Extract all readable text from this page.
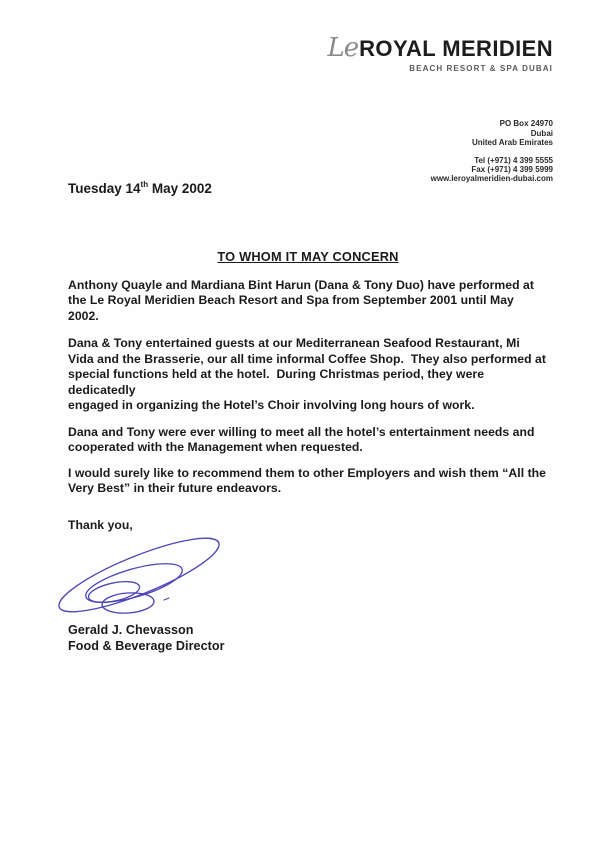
LeROYAL MERIDIEN
BEACH RESORT & SPA DUBAI
PO Box 24970
Dubai
United Arab Emirates
Tel (+971) 4 399 5555
Fax (+971) 4 399 5999
www.leroyalmeridien-dubai.com
Tuesday 14th May 2002
TO WHOM IT MAY CONCERN

Anthony Quayle and Mardiana Bint Harun (Dana & Tony Duo) have performed at
the Le Royal Meridien Beach Resort and Spa from September 2001 until May 2002.

Dana & Tony entertained guests at our Mediterranean Seafood Restaurant, Mi
Vida and the Brasserie, our all time informal Coffee Shop.  They also performed at
special functions held at the hotel.  During Christmas period, they were dedicatedly
engaged in organizing the Hotel’s Choir involving long hours of work.

Dana and Tony were ever willing to meet all the hotel’s entertainment needs and
cooperated with the Management when requested.

I would surely like to recommend them to other Employers and wish them “All the
Very Best” in their future endeavors.

Thank you,
Gerald J. Chevasson
Food & Beverage Director
